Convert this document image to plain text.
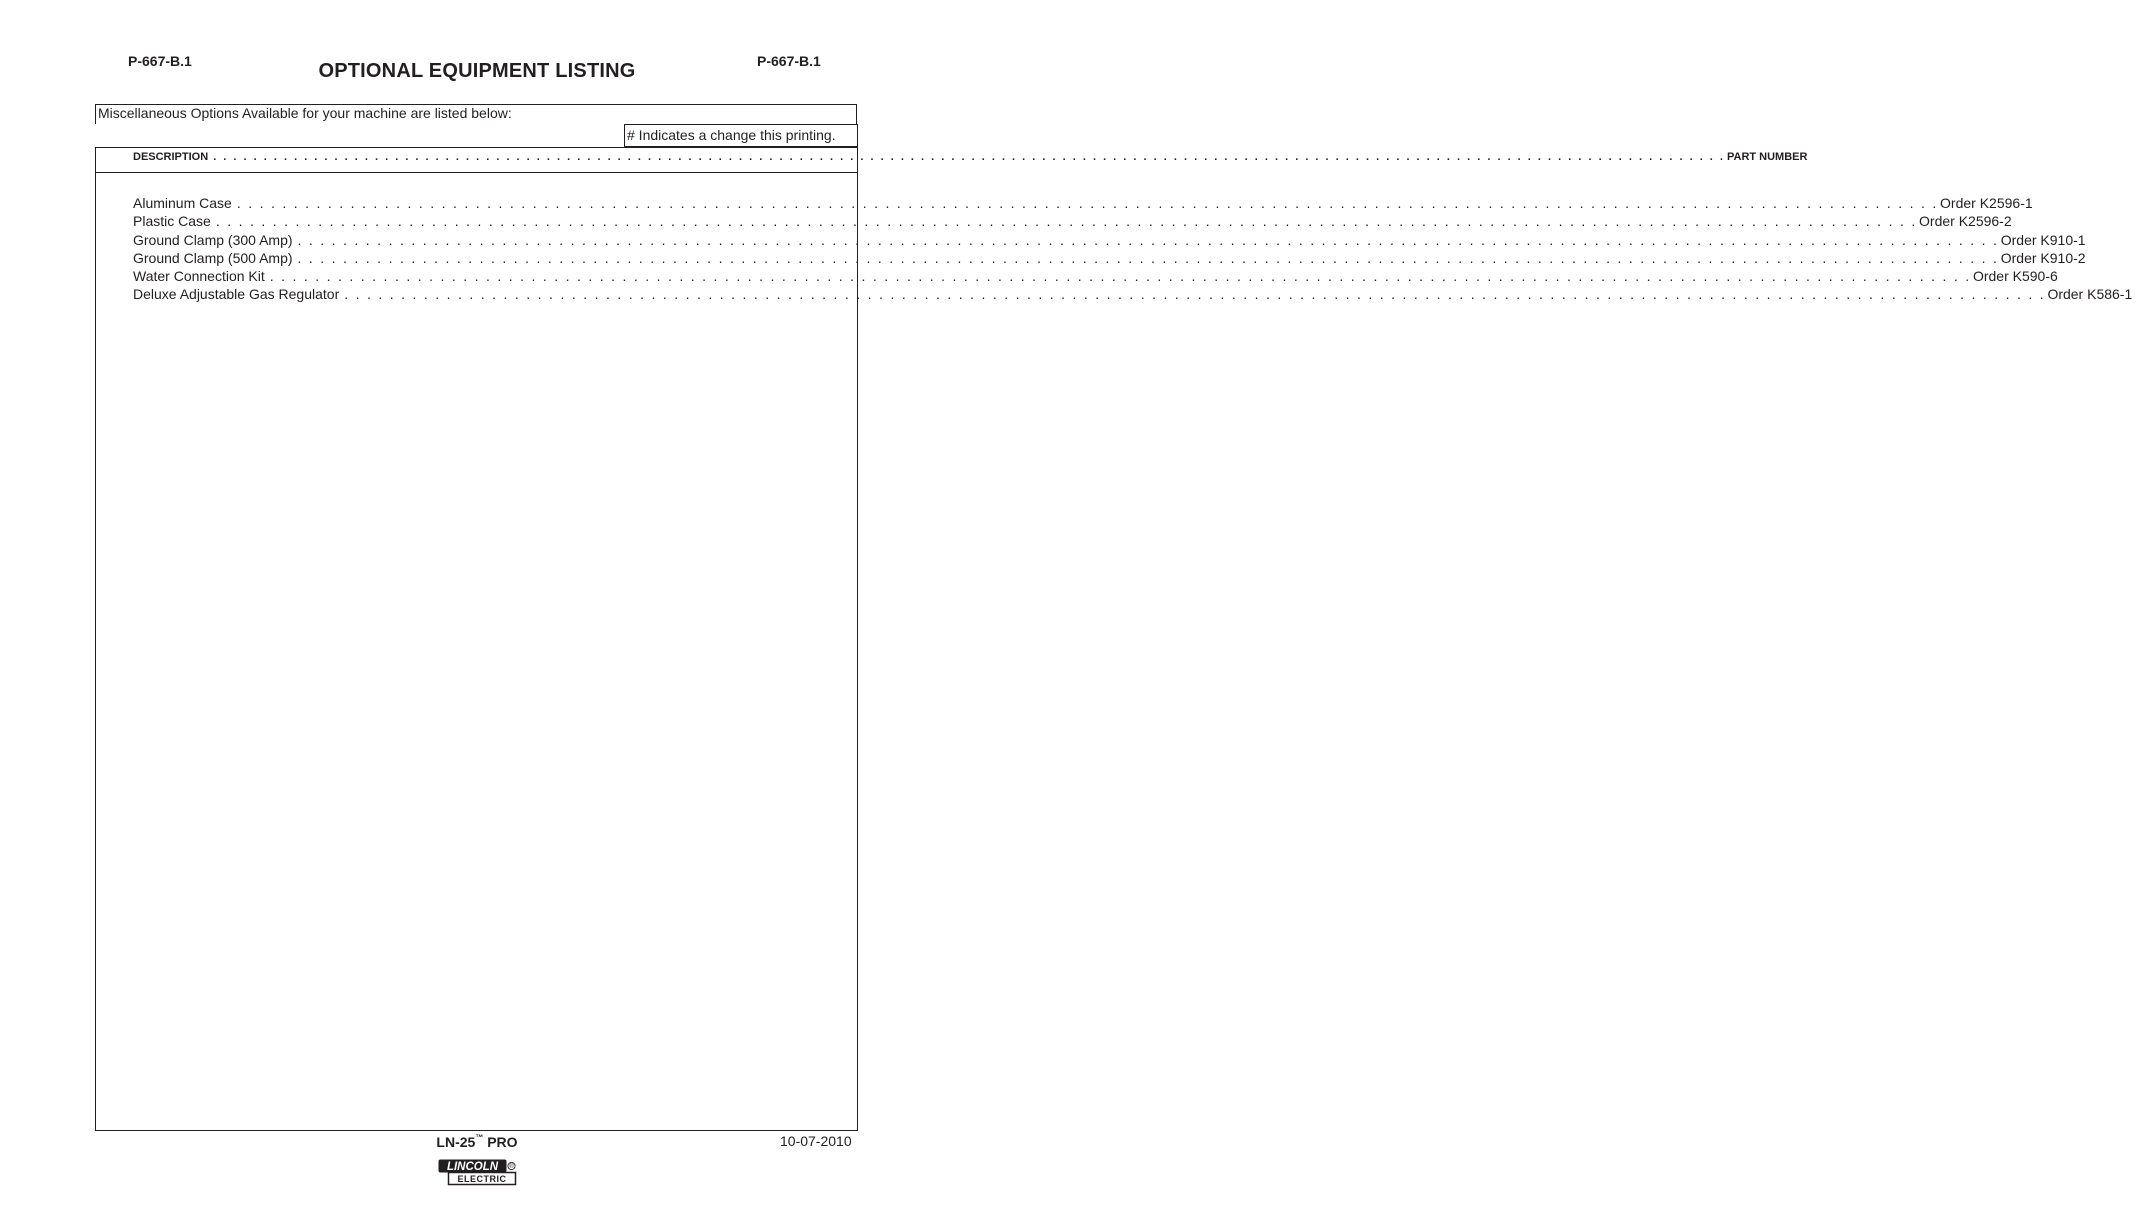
P-667-B.1	P-667-B.1
OPTIONAL EQUIPMENT LISTING
Miscellaneous Options Available for your machine are listed below:
# Indicates a change this printing.
DESCRIPTION . . . . . . . . . . . . . . . . . . . . . . . . . . . . . . . . . . . . . . . . . . . . . . . . . . . . . . . . . . . . . . . . . . . . . . . . . . . . . . . . . . . . . . . . . . . . . . . . . . . . . . . . . . . . . . . . . . . . . . . . . . . . . . . . . . . . . . . . . . . . . . . . . . . . . . PART NUMBER
Aluminum Case . . . . . . . . . . . . . . . . . . . . . . . . . . . . . . . . . . . . . . . . . . . . . . . . . . . . . . . . . . . . . . . . . . . . . . . . . . . . . . . . . . . . . . . . . . . . . . . . . . . . . . . . . . . . . . . . . . . . . . . . . . . . . . . . . . . . . . . . . . . . . . . . . . . . . . Order K2596-1
Plastic Case . . . . . . . . . . . . . . . . . . . . . . . . . . . . . . . . . . . . . . . . . . . . . . . . . . . . . . . . . . . . . . . . . . . . . . . . . . . . . . . . . . . . . . . . . . . . . . . . . . . . . . . . . . . . . . . . . . . . . . . . . . . . . . . . . . . . . . . . . . . . . . . . . . . . . . Order K2596-2
Ground Clamp (300 Amp) . . . . . . . . . . . . . . . . . . . . . . . . . . . . . . . . . . . . . . . . . . . . . . . . . . . . . . . . . . . . . . . . . . . . . . . . . . . . . . . . . . . . . . . . . . . . . . . . . . . . . . . . . . . . . . . . . . . . . . . . . . . . . . . . . . . . . . . . . . . . . . . . . . . . . . Order K910-1
Ground Clamp (500 Amp) . . . . . . . . . . . . . . . . . . . . . . . . . . . . . . . . . . . . . . . . . . . . . . . . . . . . . . . . . . . . . . . . . . . . . . . . . . . . . . . . . . . . . . . . . . . . . . . . . . . . . . . . . . . . . . . . . . . . . . . . . . . . . . . . . . . . . . . . . . . . . . . . . . . . . . Order K910-2
Water Connection Kit . . . . . . . . . . . . . . . . . . . . . . . . . . . . . . . . . . . . . . . . . . . . . . . . . . . . . . . . . . . . . . . . . . . . . . . . . . . . . . . . . . . . . . . . . . . . . . . . . . . . . . . . . . . . . . . . . . . . . . . . . . . . . . . . . . . . . . . . . . . . . . . . . . . . . . Order K590-6
Deluxe Adjustable Gas Regulator . . . . . . . . . . . . . . . . . . . . . . . . . . . . . . . . . . . . . . . . . . . . . . . . . . . . . . . . . . . . . . . . . . . . . . . . . . . . . . . . . . . . . . . . . . . . . . . . . . . . . . . . . . . . . . . . . . . . . . . . . . . . . . . . . . . . . . . . . . . . . . . . . . . . . . Order K586-1
LN-25™ PRO	10-07-2010
LINCOLN ®
ELECTRIC
